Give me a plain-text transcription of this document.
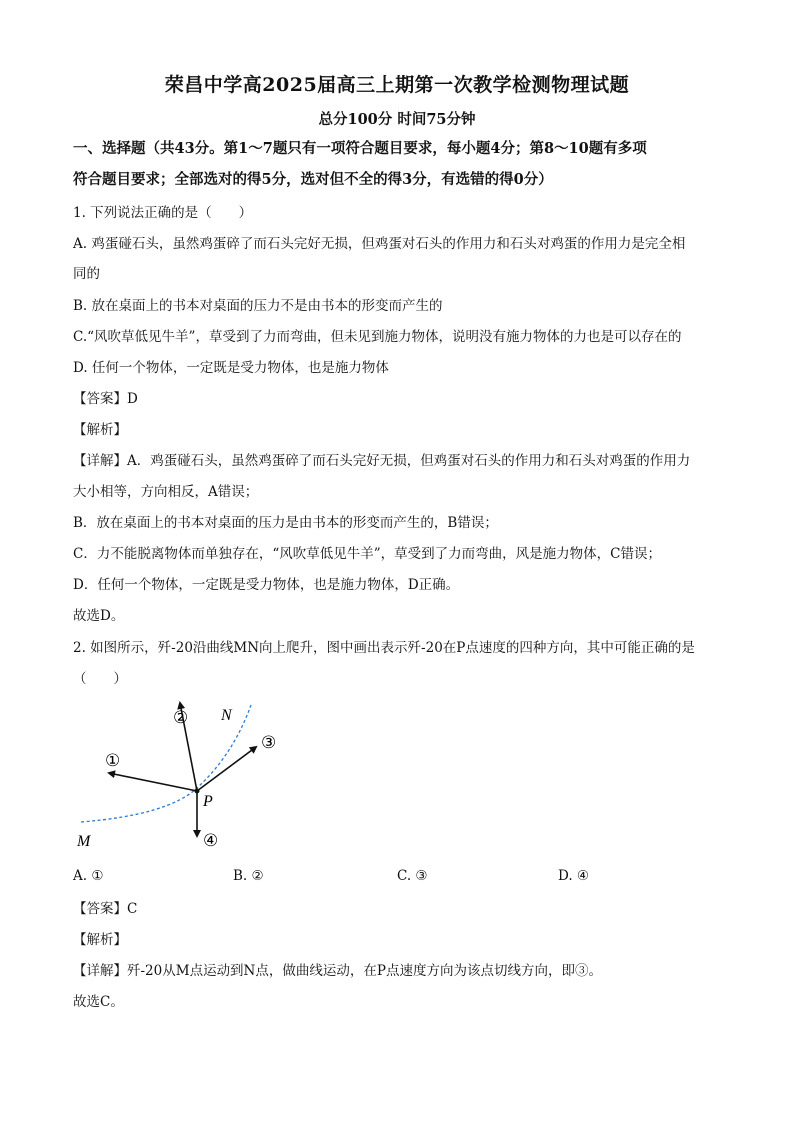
荣昌中学高2025届高三上期第一次教学检测物理试题
总分100分 时间75分钟
一、选择题（共43分。第1～7题只有一项符合题目要求，每小题4分；第8～10题有多项
符合题目要求；全部选对的得5分，选对但不全的得3分，有选错的得0分）
1. 下列说法正确的是（　　）
A. 鸡蛋碰石头，虽然鸡蛋碎了而石头完好无损，但鸡蛋对石头的作用力和石头对鸡蛋的作用力是完全相
同的
B. 放在桌面上的书本对桌面的压力不是由书本的形变而产生的
C.“风吹草低见牛羊”，草受到了力而弯曲，但未见到施力物体，说明没有施力物体的力也是可以存在的
D. 任何一个物体，一定既是受力物体，也是施力物体
【答案】D
【解析】
【详解】A．鸡蛋碰石头，虽然鸡蛋碎了而石头完好无损，但鸡蛋对石头的作用力和石头对鸡蛋的作用力
大小相等，方向相反，A错误；
B．放在桌面上的书本对桌面的压力是由书本的形变而产生的，B错误；
C．力不能脱离物体而单独存在，“风吹草低见牛羊”，草受到了力而弯曲，风是施力物体，C错误；
D．任何一个物体，一定既是受力物体，也是施力物体，D正确。
故选D。
2. 如图所示，歼-20沿曲线MN向上爬升，图中画出表示歼-20在P点速度的四种方向，其中可能正确的是
（　　）
①
②
③
④
N
P
M
A. ①	B. ②	C. ③	D. ④
【答案】C
【解析】
【详解】歼-20从M点运动到N点，做曲线运动，在P点速度方向为该点切线方向，即③。
故选C。
